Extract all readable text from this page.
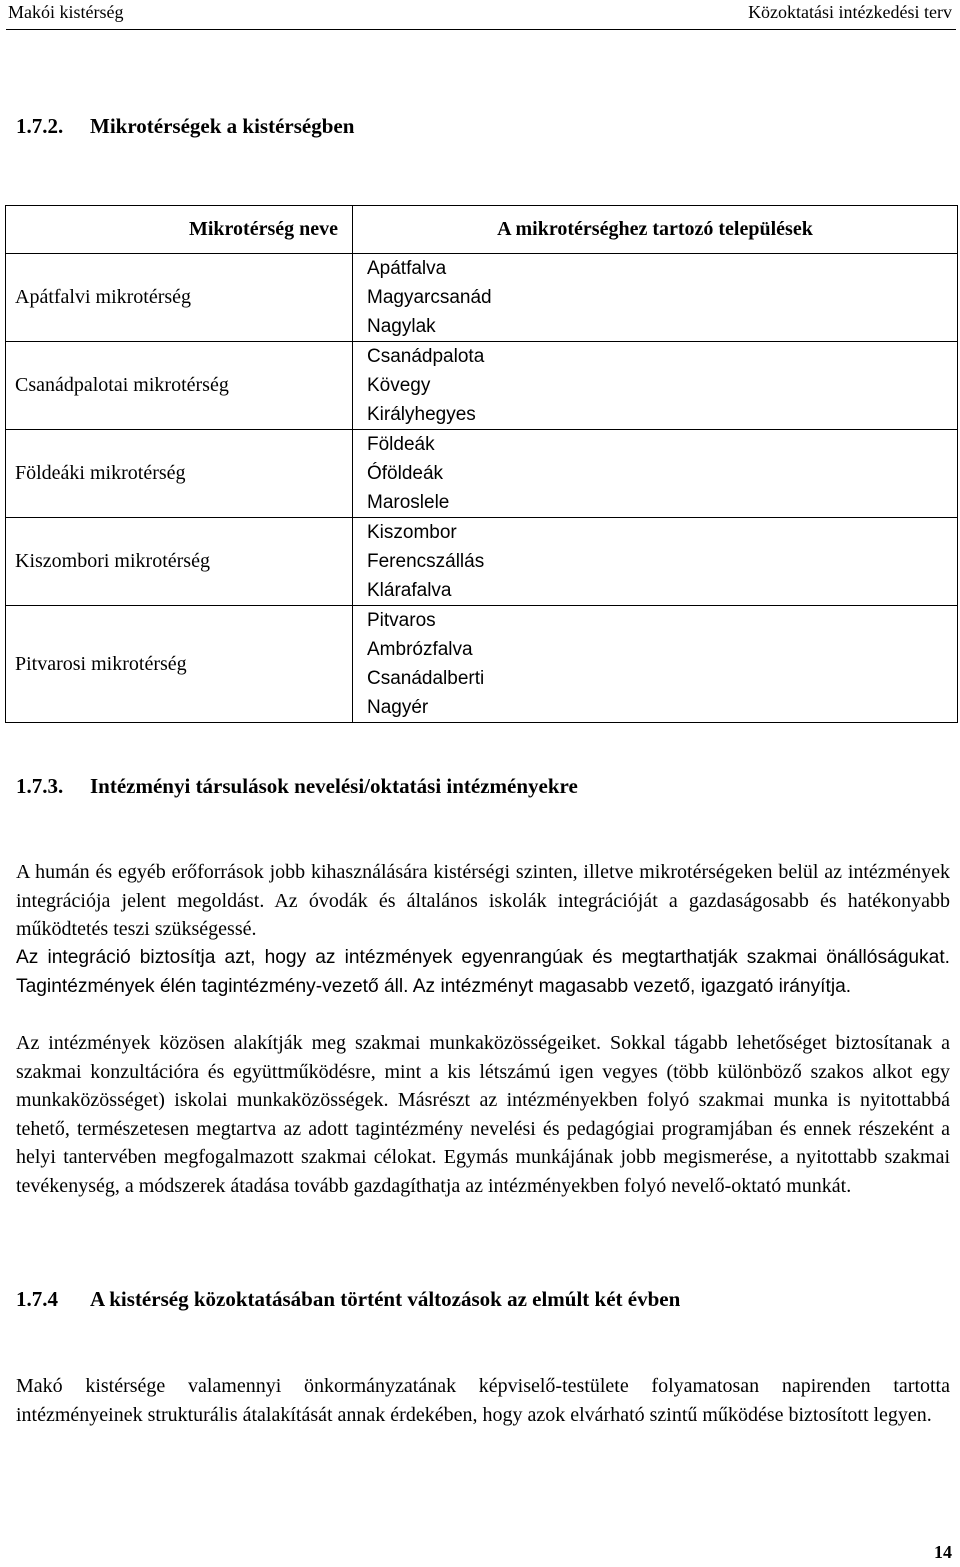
Makói kistérség	Közoktatási intézkedési terv
1.7.2. Mikrotérségek a kistérségben
Mikrotérség neve	A mikrotérséghez tartozó települések
Apátfalvi mikrotérség	Apátfalva
Magyarcsanád
Nagylak

Csanádpalotai mikrotérség	Csanádpalota
Kövegy
Királyhegyes

Földeáki mikrotérség	Földeák
Óföldeák
Maroslele

Kiszombori mikrotérség	Kiszombor
Ferencszállás
Klárafalva

Pitvarosi mikrotérség	Pitvaros
Ambrózfalva
Csanádalberti
Nagyér
1.7.3. Intézményi társulások nevelési/oktatási intézményekre
A humán és egyéb erőforrások jobb kihasználására kistérségi szinten, illetve mikrotérségeken belül az intézmények integrációja jelent megoldást. Az óvodák és általános iskolák integrációját a gazdaságosabb és hatékonyabb működtetés teszi szükségessé.
Az integráció biztosítja azt, hogy az intézmények egyenrangúak és megtarthatják szakmai önállóságukat. Tagintézmények élén tagintézmény-vezető áll. Az intézményt magasabb vezető, igazgató irányítja.
Az intézmények közösen alakítják meg szakmai munkaközösségeiket. Sokkal tágabb lehetőséget biztosítanak a szakmai konzultációra és együttműködésre, mint a kis létszámú igen vegyes (több különböző szakos alkot egy munkaközösséget) iskolai munkaközösségek. Másrészt az intézményekben folyó szakmai munka is nyitottabbá tehető, természetesen megtartva az adott tagintézmény nevelési és pedagógiai programjában és ennek részeként a helyi tantervében megfogalmazott szakmai célokat. Egymás munkájának jobb megismerése, a nyitottabb szakmai tevékenység, a módszerek átadása tovább gazdagíthatja az intézményekben folyó nevelő-oktató munkát.
1.7.4 A kistérség közoktatásában történt változások az elmúlt két évben
Makó kistérsége valamennyi önkormányzatának képviselő-testülete folyamatosan napirenden tartotta intézményeinek strukturális átalakítását annak érdekében, hogy azok elvárható szintű működése biztosított legyen.
14
